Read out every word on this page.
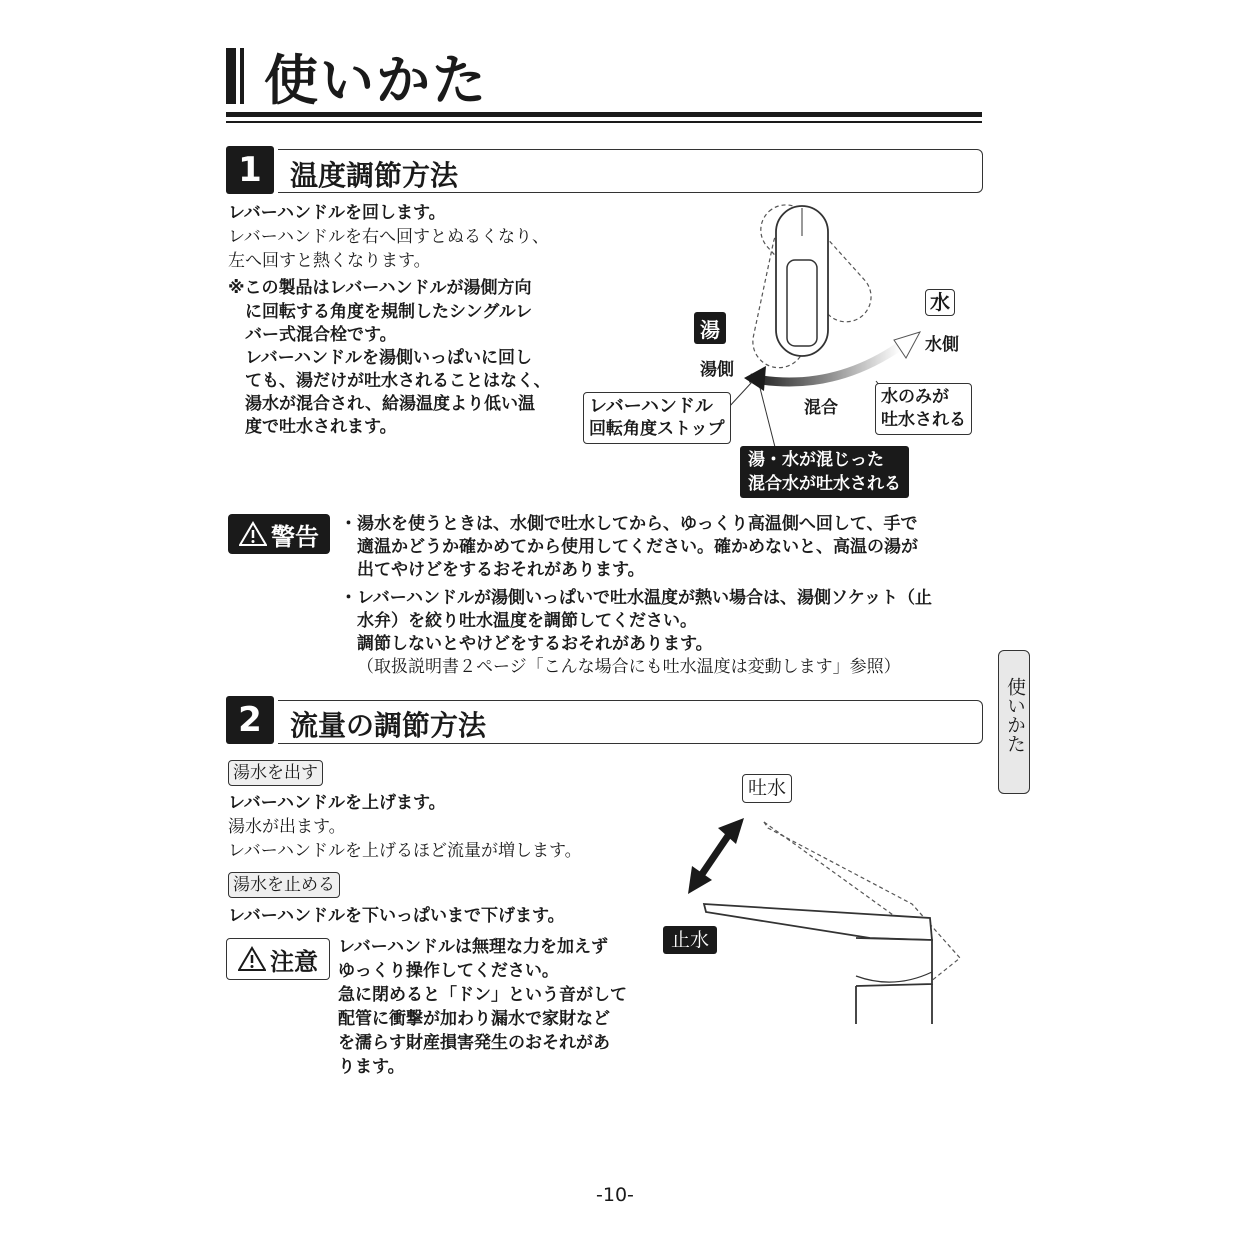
使いかた
1	温度調節方法
レバーハンドルを回します。
レバーハンドルを右へ回すとぬるくなり、
左へ回すと熱くなります。
※この製品はレバーハンドルが湯側方向
に回転する角度を規制したシングルレ
バー式混合栓です。
レバーハンドルを湯側いっぱいに回し
ても、湯だけが吐水されることはなく、
湯水が混合され、給湯温度より低い温
度で吐水されます。
湯
湯側
水
水側
混合
レバーハンドル
回転角度ストップ
水のみが
吐水される
湯・水が混じった
混合水が吐水される
警告 ・湯水を使うときは、水側で吐水してから、ゆっくり高温側へ回して、手で
適温かどうか確かめてから使用してください。確かめないと、高温の湯が
出てやけどをするおそれがあります。
・レバーハンドルが湯側いっぱいで吐水温度が熱い場合は、湯側ソケット（止
水弁）を絞り吐水温度を調節してください。
調節しないとやけどをするおそれがあります。
（取扱説明書２ページ「こんな場合にも吐水温度は変動します」参照）
使いかた
2	流量の調節方法
湯水を出す
レバーハンドルを上げます。
湯水が出ます。
レバーハンドルを上げるほど流量が増します。
湯水を止める
レバーハンドルを下いっぱいまで下げます。
注意
レバーハンドルは無理な力を加えず
ゆっくり操作してください。
急に閉めると「ドン」という音がして
配管に衝撃が加わり漏水で家財など
を濡らす財産損害発生のおそれがあ
ります。
吐水
止水
-10-
